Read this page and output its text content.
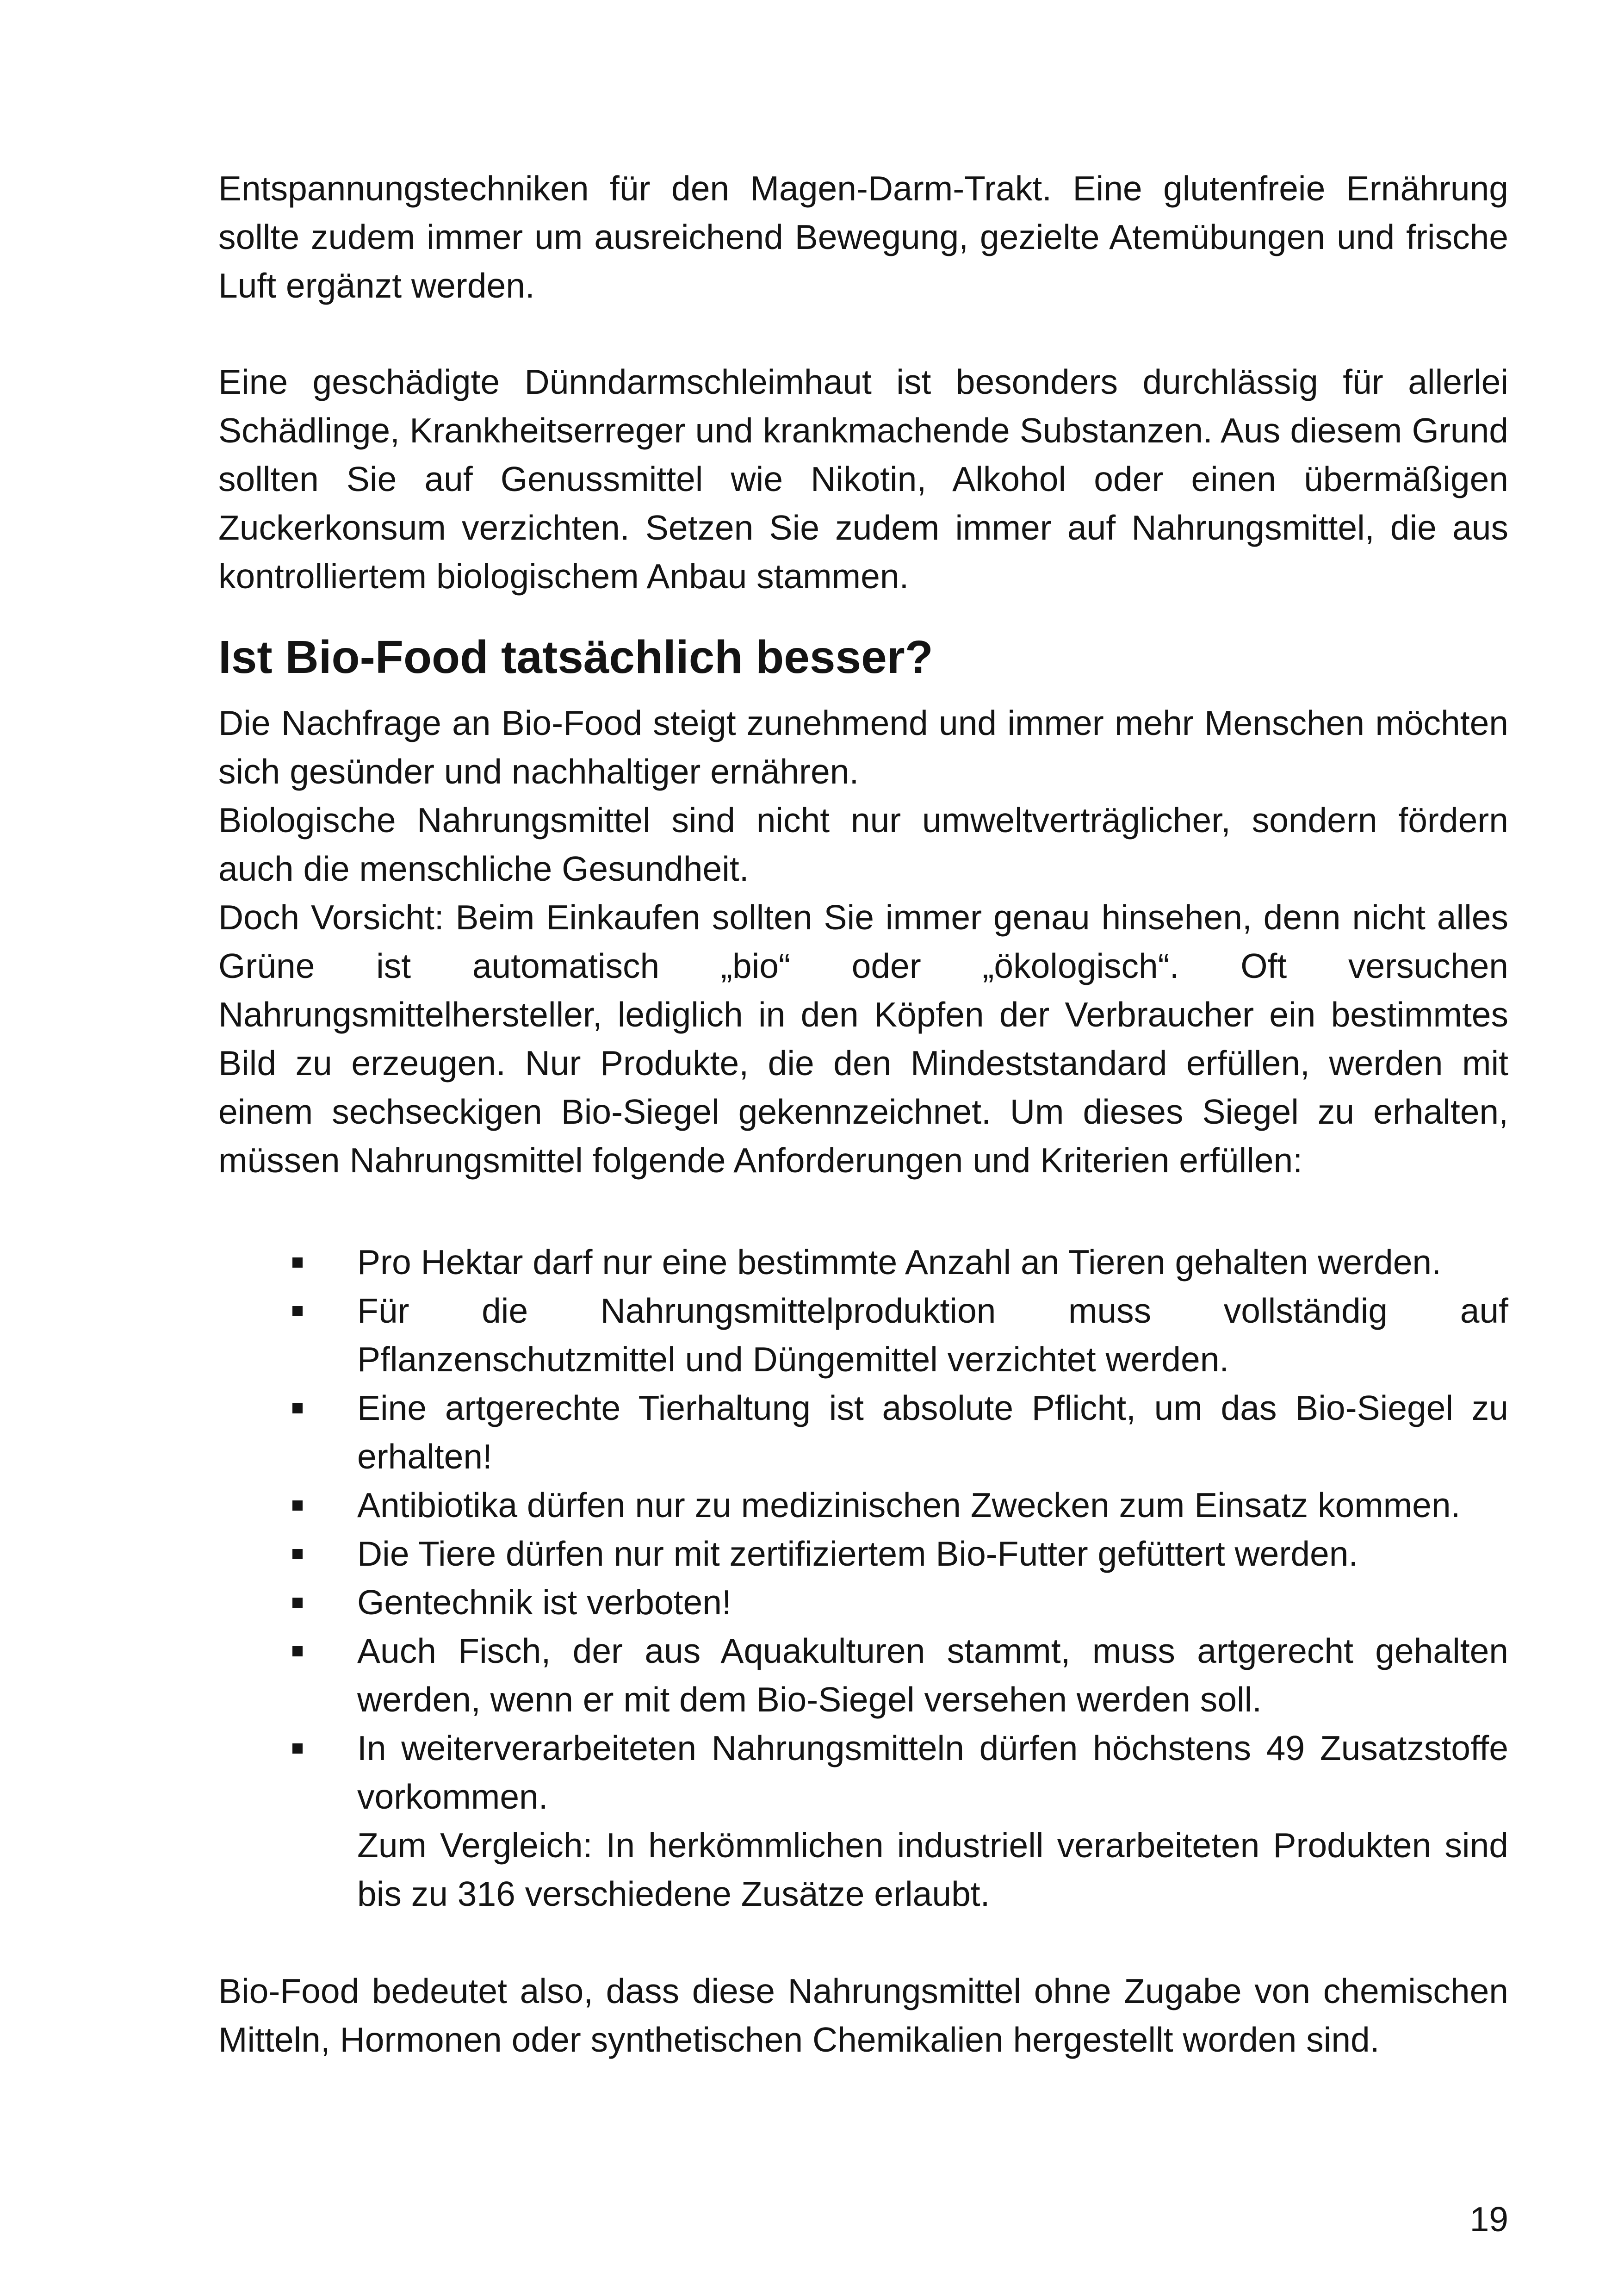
Entspannungstechniken für den Magen-Darm-Trakt. Eine glutenfreie Ernährung sollte zudem immer um ausreichend Bewegung, gezielte Atemübungen und frische Luft ergänzt werden.

Eine geschädigte Dünndarmschleimhaut ist besonders durchlässig für allerlei Schädlinge, Krankheitserreger und krankmachende Substanzen. Aus diesem Grund sollten Sie auf Genussmittel wie Nikotin, Alkohol oder einen übermäßigen Zuckerkonsum verzichten. Setzen Sie zudem immer auf Nahrungsmittel, die aus kontrolliertem biologischem Anbau stammen.

Ist Bio-Food tatsächlich besser?

Die Nachfrage an Bio-Food steigt zunehmend und immer mehr Menschen möchten sich gesünder und nachhaltiger ernähren.

Biologische Nahrungsmittel sind nicht nur umweltverträglicher, sondern fördern auch die menschliche Gesundheit.

Doch Vorsicht: Beim Einkaufen sollten Sie immer genau hinsehen, denn nicht alles Grüne ist automatisch „bio“ oder „ökologisch“. Oft versuchen Nahrungsmittelhersteller, lediglich in den Köpfen der Verbraucher ein bestimmtes Bild zu erzeugen. Nur Produkte, die den Mindeststandard erfüllen, werden mit einem sechseckigen Bio-Siegel gekennzeichnet. Um dieses Siegel zu erhalten, müssen Nahrungsmittel folgende Anforderungen und Kriterien erfüllen:

Pro Hektar darf nur eine bestimmte Anzahl an Tieren gehalten werden.
Für die Nahrungsmittelproduktion muss vollständig auf Pflanzenschutzmittel und Düngemittel verzichtet werden.
Eine artgerechte Tierhaltung ist absolute Pflicht, um das Bio-Siegel zu erhalten!
Antibiotika dürfen nur zu medizinischen Zwecken zum Einsatz kommen.
Die Tiere dürfen nur mit zertifiziertem Bio-Futter gefüttert werden.
Gentechnik ist verboten!
Auch Fisch, der aus Aquakulturen stammt, muss artgerecht gehalten werden, wenn er mit dem Bio-Siegel versehen werden soll.
In weiterverarbeiteten Nahrungsmitteln dürfen höchstens 49 Zusatzstoffe vorkommen.
Zum Vergleich: In herkömmlichen industriell verarbeiteten Produkten sind bis zu 316 verschiedene Zusätze erlaubt.

Bio-Food bedeutet also, dass diese Nahrungsmittel ohne Zugabe von chemischen Mitteln, Hormonen oder synthetischen Chemikalien hergestellt worden sind.

19
